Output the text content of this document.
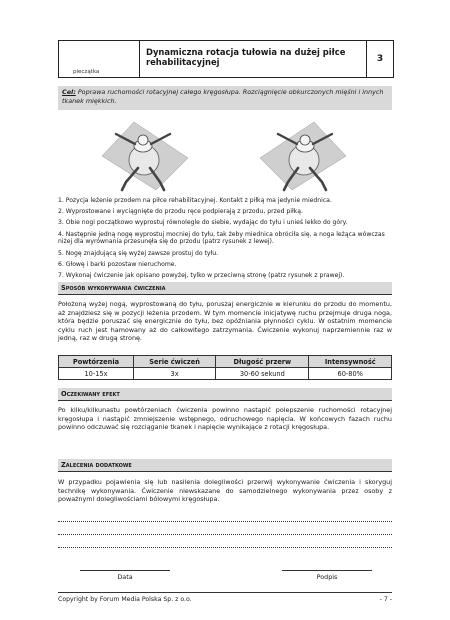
pieczątka
Dynamiczna rotacja tułowia na dużej piłce rehabilitacyjnej	3
Cel: Poprawa ruchomości rotacyjnej całego kręgosłupa. Rozciągnięcie obkurczonych mięśni i innych tkanek miękkich.
1. Pozycja leżenie przodem na piłce rehabilitacyjnej. Kontakt z piłką ma jedynie miednica.
2. Wyprostowane i wyciągnięte do przodu ręce podpierają z przodu, przed piłką.
3. Obie nogi początkowo wyprostuj równolegle do siebie, wydając do tyłu i unieś lekko do góry.
4. Następnie jedną nogę wyprostuj mocniej do tyłu, tak żeby miednica obróciła się, a noga leżąca wówczas niżej dla wyrównania przesunęła się do przodu (patrz rysunek z lewej).
5. Nogę znajdującą się wyżej zawsze prostuj do tyłu.
6. Głowę i barki pozostaw nieruchome.
7. Wykonaj ćwiczenie jak opisano powyżej, tylko w przeciwną stronę (patrz rysunek z prawej).
Sposób wykonywania ćwiczenia
Położoną wyżej nogą, wyprostowaną do tyłu, poruszaj energicznie w kierunku do przodu do momentu, aż znajdziesz się w pozycji leżenia przodem. W tym momencie inicjatywę ruchu przejmuje druga noga, która będzie poruszać się energicznie do tyłu, bez opóźniania płynności cyklu. W ostatnim momencie cyklu ruch jest hamowany aż do całkowitego zatrzymania. Ćwiczenie wykonuj naprzemiennie raz w jedną, raz w drugą stronę.
Powtórzenia	Serie ćwiczeń	Długość przerw	Intensywność
10-15x	3x	30-60 sekund	60-80%
Oczekiwany efekt
Po kilku/kilkunastu powtórzeniach ćwiczenia powinno nastąpić polepszenie ruchomości rotacyjnej kręgosłupa i nastąpić zmniejszenie wstępnego, odruchowego napięcia. W końcowych fazach ruchu powinno odczuwać się rozciąganie tkanek i napięcie wynikające z rotacji kręgosłupa.
Zalecenia dodatkowe
W przypadku pojawienia się lub nasilenia dolegliwości przerwij wykonywanie ćwiczenia i skoryguj technikę wykonywania. Ćwiczenie niewskazane do samodzielnego wykonywania przez osoby z poważnymi dolegliwościami bólowymi kręgosłupa.
Data	Podpis
Copyright by Forum Media Polska Sp. z o.o.	- 7 -
